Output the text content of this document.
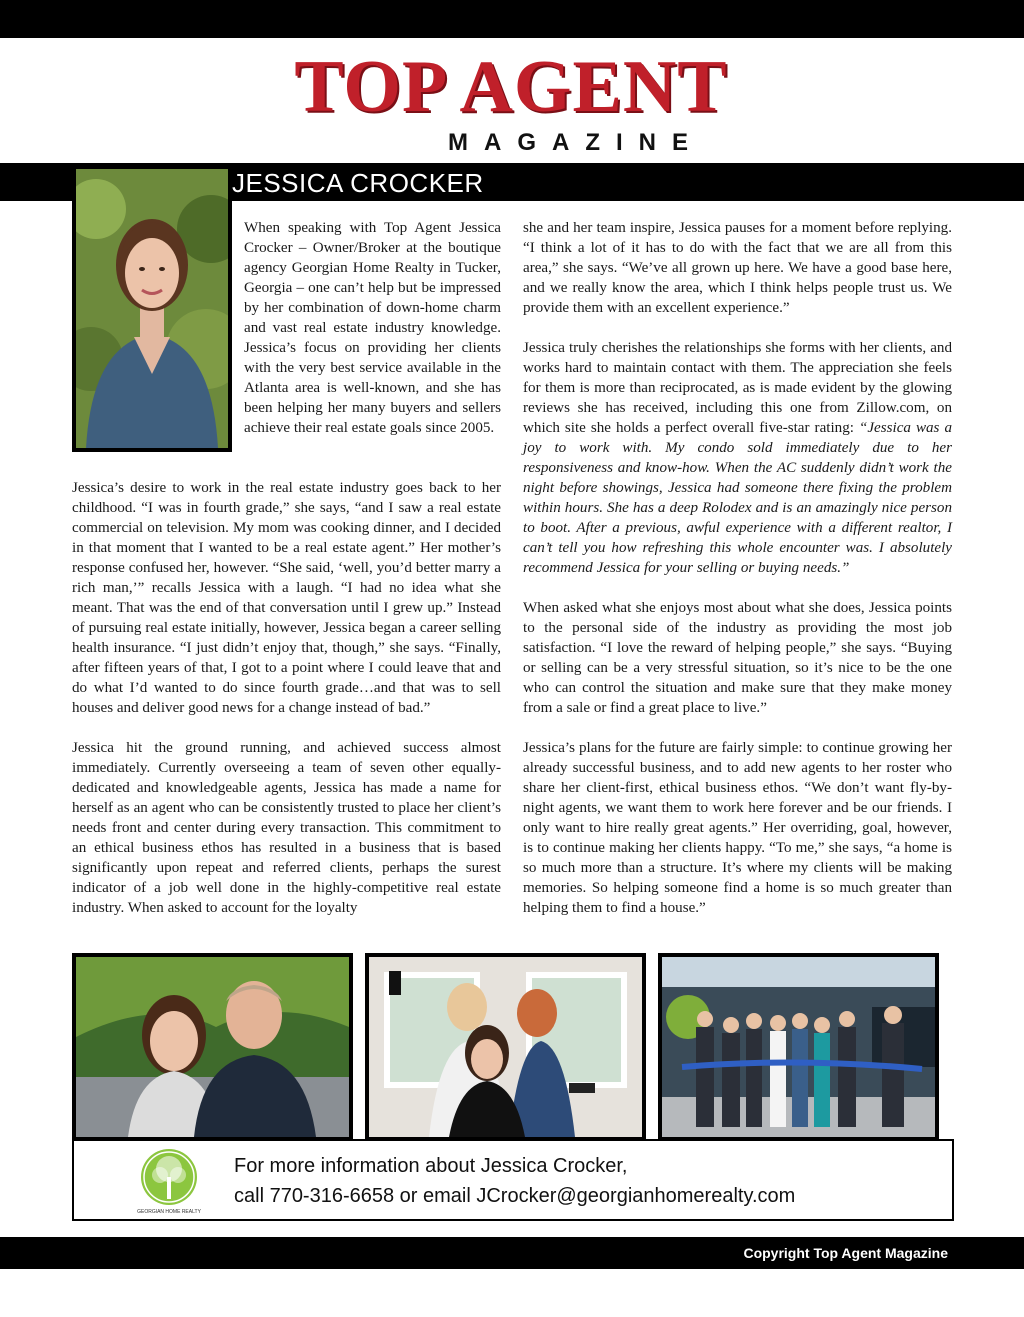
TOP AGENT
MAGAZINE
JESSICA CROCKER

When speaking with Top Agent Jessica Crocker – Owner/Broker at the boutique agency Georgian Home Realty in Tucker, Georgia – one can’t help but be impressed by her combination of down-home charm and vast real estate industry knowledge. Jessica’s focus on providing her clients with the very best service available in the Atlanta area is well-known, and she has been helping her many buyers and sellers achieve their real estate goals since 2005.

Jessica’s desire to work in the real estate industry goes back to her childhood. “I was in fourth grade,” she says, “and I saw a real estate commercial on television. My mom was cooking dinner, and I decided in that moment that I wanted to be a real estate agent.” Her mother’s response confused her, however. “She said, ‘well, you’d better marry a rich man,’” recalls Jessica with a laugh. “I had no idea what she meant. That was the end of that conversation until I grew up.” Instead of pursuing real estate initially, however, Jessica began a career selling health insurance. “I just didn’t enjoy that, though,” she says. “Finally, after fifteen years of that, I got to a point where I could leave that and do what I’d wanted to do since fourth grade…and that was to sell houses and deliver good news for a change instead of bad.”

Jessica hit the ground running, and achieved success almost immediately. Currently overseeing a team of seven other equally-dedicated and knowledgeable agents, Jessica has made a name for herself as an agent who can be consistently trusted to place her client’s needs front and center during every transaction. This commitment to an ethical business ethos has resulted in a business that is based significantly upon repeat and referred clients, perhaps the surest indicator of a job well done in the highly-competitive real estate industry. When asked to account for the loyalty

she and her team inspire, Jessica pauses for a moment before replying. “I think a lot of it has to do with the fact that we are all from this area,” she says. “We’ve all grown up here. We have a good base here, and we really know the area, which I think helps people trust us. We provide them with an excellent experience.”

Jessica truly cherishes the relationships she forms with her clients, and works hard to maintain contact with them. The appreciation she feels for them is more than reciprocated, as is made evident by the glowing reviews she has received, including this one from Zillow.com, on which site she holds a perfect overall five-star rating: “Jessica was a joy to work with. My condo sold immediately due to her responsiveness and know-how. When the AC suddenly didn’t work the night before showings, Jessica had someone there fixing the problem within hours. She has a deep Rolodex and is an amazingly nice person to boot. After a previous, awful experience with a different realtor, I can’t tell you how refreshing this whole encounter was. I absolutely recommend Jessica for your selling or buying needs.”

When asked what she enjoys most about what she does, Jessica points to the personal side of the industry as providing the most job satisfaction. “I love the reward of helping people,” she says. “Buying or selling can be a very stressful situation, so it’s nice to be the one who can control the situation and make sure that they make money from a sale or find a great place to live.”

Jessica’s plans for the future are fairly simple: to continue growing her already successful business, and to add new agents to her roster who share her client-first, ethical business ethos. “We don’t want fly-by-night agents, we want them to work here forever and be our friends. I only want to hire really great agents.” Her overriding, goal, however, is to continue making her clients happy. “To me,” she says, “a home is so much more than a structure. It’s where my clients will be making memories. So helping someone find a home is so much greater than helping them to find a house.”

GEORGIAN HOME REALTY
For more information about Jessica Crocker,
call 770-316-6658 or email JCrocker@georgianhomerealty.com
Copyright Top Agent Magazine
